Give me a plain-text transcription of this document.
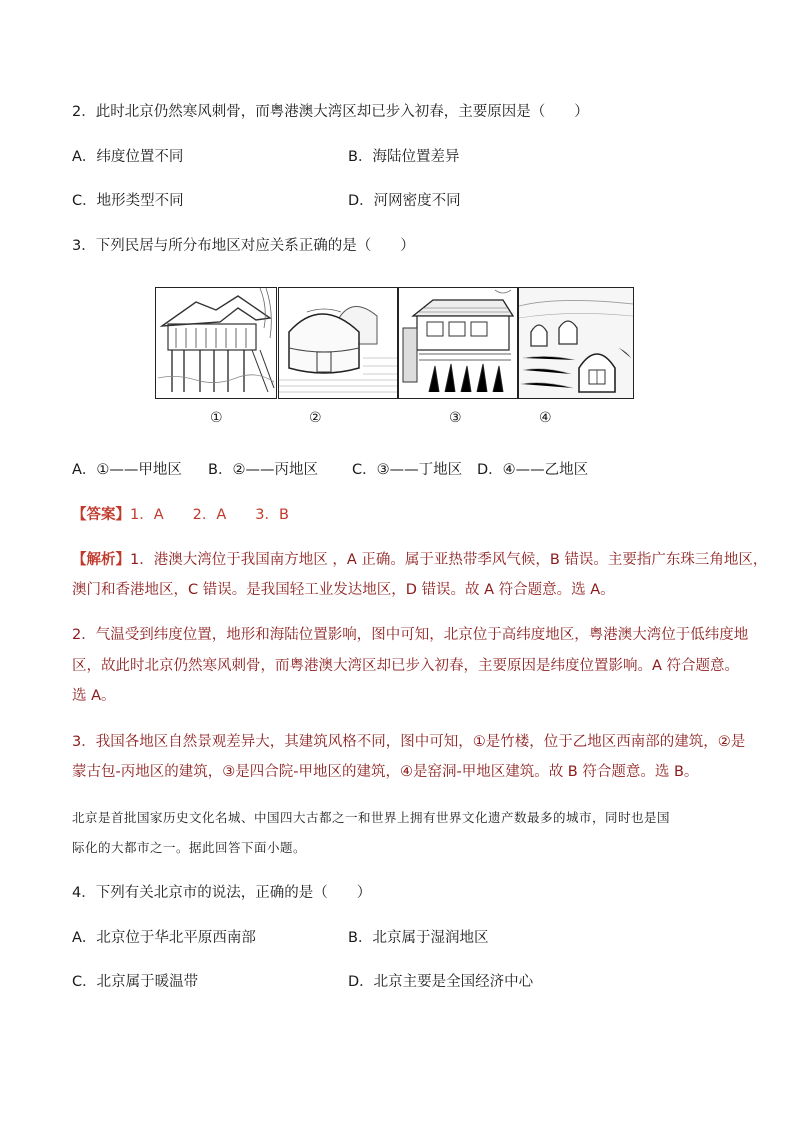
2．此时北京仍然寒风刺骨，而粤港澳大湾区却已步入初春，主要原因是（　　）
A．纬度位置不同	B．海陆位置差异
C．地形类型不同	D．河网密度不同
3．下列民居与所分布地区对应关系正确的是（　　）
①	②	③	④
A．①——甲地区 B．②——丙地区 C．③——丁地区 D．④——乙地区
【答案】1．A　　2．A　　3．B
【解析】1．港澳大湾位于我国南方地区 ，A 正确。属于亚热带季风气候，B 错误。主要指广东珠三角地区，
澳门和香港地区，C 错误。是我国轻工业发达地区，D 错误。故 A 符合题意。选 A。
2．气温受到纬度位置，地形和海陆位置影响，图中可知，北京位于高纬度地区，粤港澳大湾位于低纬度地
区，故此时北京仍然寒风刺骨，而粤港澳大湾区却已步入初春，主要原因是纬度位置影响。A 符合题意。
选 A。
3．我国各地区自然景观差异大，其建筑风格不同，图中可知，①是竹楼，位于乙地区西南部的建筑，②是
蒙古包-丙地区的建筑，③是四合院-甲地区的建筑，④是窑洞-甲地区建筑。故 B 符合题意。选 B。
北京是首批国家历史文化名城、中国四大古都之一和世界上拥有世界文化遗产数最多的城市，同时也是国
际化的大都市之一。据此回答下面小题。
4．下列有关北京市的说法，正确的是（　　）
A．北京位于华北平原西南部	B．北京属于湿润地区
C．北京属于暖温带	D．北京主要是全国经济中心
